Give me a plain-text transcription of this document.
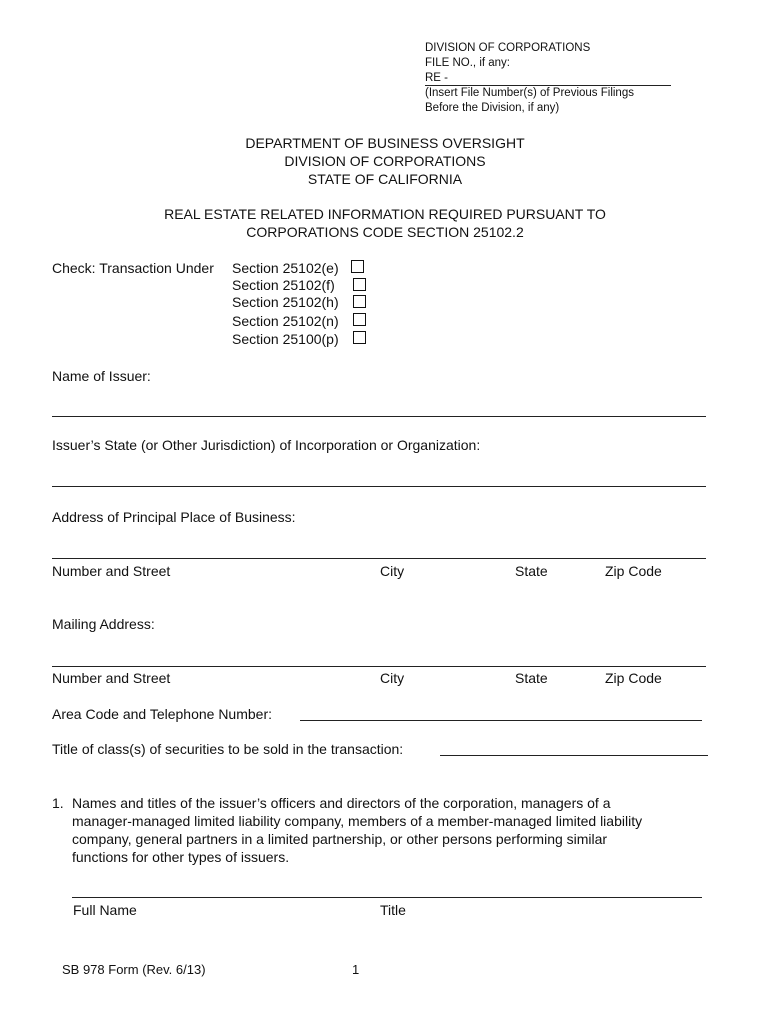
DIVISION OF CORPORATIONS
FILE NO., if any:
RE -
(Insert File Number(s) of Previous Filings
Before the Division, if any)
DEPARTMENT OF BUSINESS OVERSIGHT
DIVISION OF CORPORATIONS
STATE OF CALIFORNIA
REAL ESTATE RELATED INFORMATION REQUIRED PURSUANT TO
CORPORATIONS CODE SECTION 25102.2
Check: Transaction Under Section 25102(e)
Section 25102(f)
Section 25102(h)
Section 25102(n)
Section 25100(p)
Name of Issuer:
Issuer’s State (or Other Jurisdiction) of Incorporation or Organization:
Address of Principal Place of Business:
Number and Street	City	State	Zip Code
Mailing Address:
Number and Street	City	State	Zip Code
Area Code and Telephone Number:
Title of class(s) of securities to be sold in the transaction:
1. Names and titles of the issuer’s officers and directors of the corporation, managers of a
manager-managed limited liability company, members of a member-managed limited liability
company, general partners in a limited partnership, or other persons performing similar
functions for other types of issuers.
Full Name	Title
SB 978 Form (Rev. 6/13)	1
